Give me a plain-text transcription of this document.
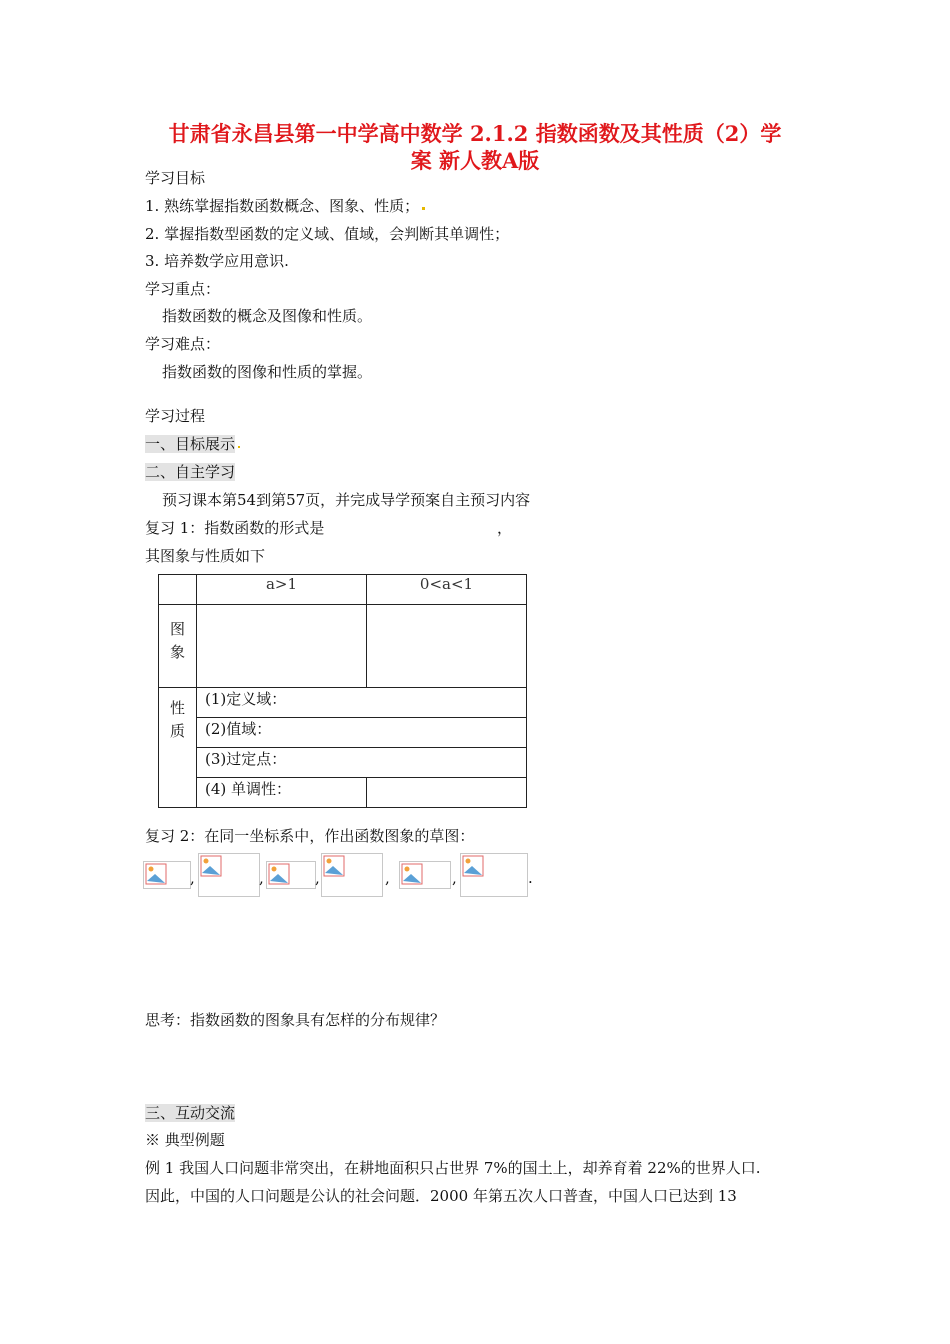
甘肃省永昌县第一中学高中数学 2.1.2 指数函数及其性质（2）学
案 新人教A版
学习目标
1. 熟练掌握指数函数概念、图象、性质；
2. 掌握指数型函数的定义域、值域，会判断其单调性；
3. 培养数学应用意识.
学习重点：
指数函数的概念及图像和性质。
学习难点：
指数函数的图像和性质的掌握。
学习过程
一、目标展示
二、自主学习
预习课本第54到第57页，并完成导学预案自主预习内容
复习 1：指数函数的形式是	，
其图象与性质如下
	a>1	0<a<1
图象		
性质	(1)定义域：	
	(2)值域：	
	(3)过定点：	
	(4) 单调性：	
复习 2：在同一坐标系中，作出函数图象的草图：
,	,	,	,	,	.
思考：指数函数的图象具有怎样的分布规律？
三、互动交流
※ 典型例题
例 1 我国人口问题非常突出，在耕地面积只占世界 7%的国土上，却养育着 22%的世界人口.
因此，中国的人口问题是公认的社会问题．2000 年第五次人口普查，中国人口已达到 13
